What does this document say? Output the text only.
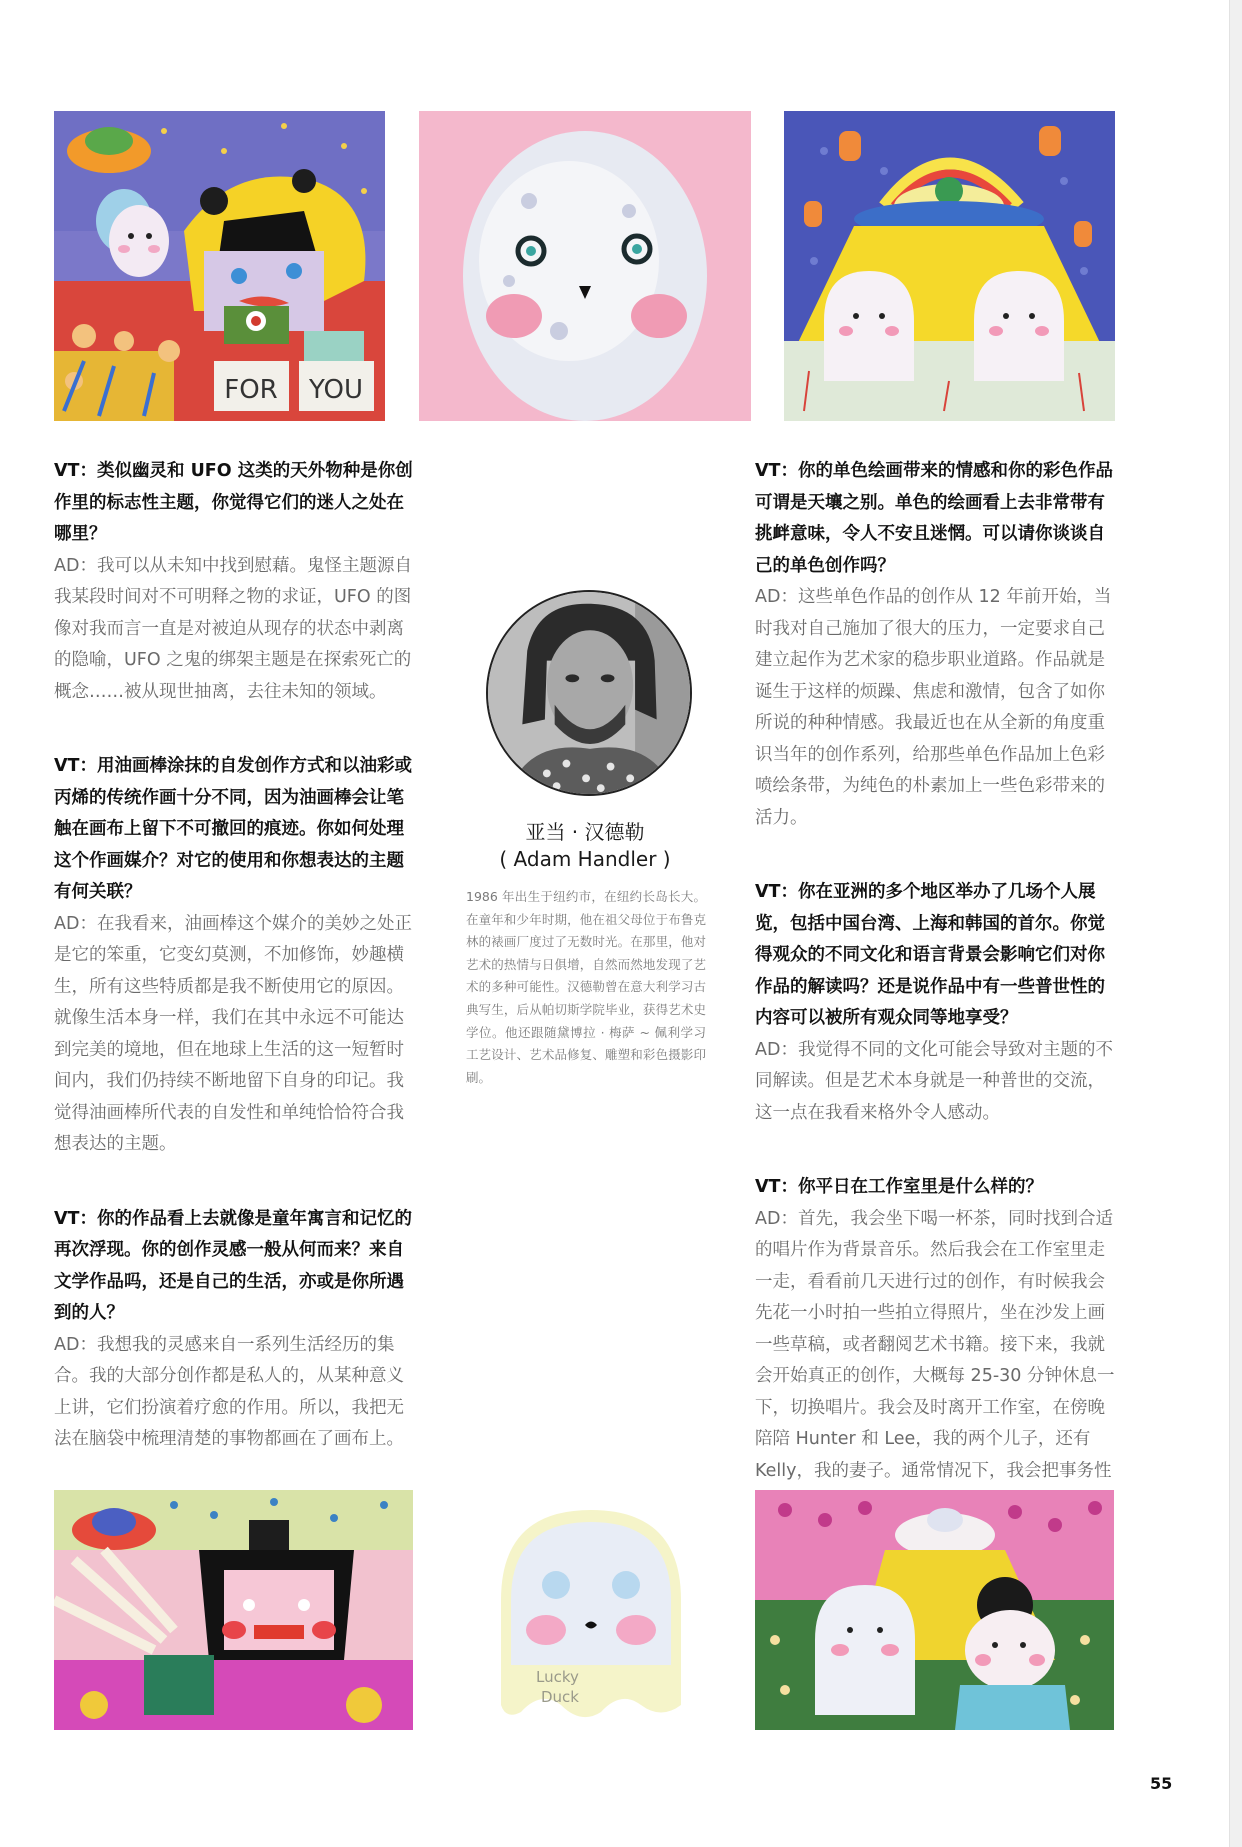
FOR YOU

VT：类似幽灵和 UFO 这类的天外物种是你创作里的标志性主题，你觉得它们的迷人之处在哪里？

AD：我可以从未知中找到慰藉。鬼怪主题源自我某段时间对不可明释之物的求证，UFO 的图像对我而言一直是对被迫从现存的状态中剥离的隐喻，UFO 之鬼的绑架主题是在探索死亡的概念……被从现世抽离，去往未知的领域。

VT：用油画棒涂抹的自发创作方式和以油彩或丙烯的传统作画十分不同，因为油画棒会让笔触在画布上留下不可撤回的痕迹。你如何处理这个作画媒介？对它的使用和你想表达的主题有何关联？

AD：在我看来，油画棒这个媒介的美妙之处正是它的笨重，它变幻莫测，不加修饰，妙趣横生，所有这些特质都是我不断使用它的原因。就像生活本身一样，我们在其中永远不可能达到完美的境地，但在地球上生活的这一短暂时间内，我们仍持续不断地留下自身的印记。我觉得油画棒所代表的自发性和单纯恰恰符合我想表达的主题。

VT：你的作品看上去就像是童年寓言和记忆的再次浮现。你的创作灵感一般从何而来？来自文学作品吗，还是自己的生活，亦或是你所遇到的人？

AD：我想我的灵感来自一系列生活经历的集合。我的大部分创作都是私人的，从某种意义上讲，它们扮演着疗愈的作用。所以，我把无法在脑袋中梳理清楚的事物都画在了画布上。

亚当 · 汉德勒
( Adam Handler )
1986 年出生于纽约市，在纽约长岛长大。在童年和少年时期，他在祖父母位于布鲁克林的裱画厂度过了无数时光。在那里，他对艺术的热情与日俱增，自然而然地发现了艺术的多种可能性。汉德勒曾在意大利学习古典写生，后从帕切斯学院毕业，获得艺术史学位。他还跟随黛博拉 · 梅萨 ~ 佩利学习工艺设计、艺术品修复、雕塑和彩色摄影印刷。

VT：你的单色绘画带来的情感和你的彩色作品可谓是天壤之别。单色的绘画看上去非常带有挑衅意味，令人不安且迷惘。可以请你谈谈自己的单色创作吗？

AD：这些单色作品的创作从 12 年前开始，当时我对自己施加了很大的压力，一定要求自己建立起作为艺术家的稳步职业道路。作品就是诞生于这样的烦躁、焦虑和激情，包含了如你所说的种种情感。我最近也在从全新的角度重识当年的创作系列，给那些单色作品加上色彩喷绘条带，为纯色的朴素加上一些色彩带来的活力。

VT：你在亚洲的多个地区举办了几场个人展览，包括中国台湾、上海和韩国的首尔。你觉得观众的不同文化和语言背景会影响它们对你作品的解读吗？还是说作品中有一些普世性的内容可以被所有观众同等地享受？

AD：我觉得不同的文化可能会导致对主题的不同解读。但是艺术本身就是一种普世的交流，这一点在我看来格外令人感动。

VT：你平日在工作室里是什么样的？

AD：首先，我会坐下喝一杯茶，同时找到合适的唱片作为背景音乐。然后我会在工作室里走一走，看看前几天进行过的创作，有时候我会先花一小时拍一些拍立得照片，坐在沙发上画一些草稿，或者翻阅艺术书籍。接下来，我就会开始真正的创作，大概每 25-30 分钟休息一下，切换唱片。我会及时离开工作室，在傍晚陪陪 Hunter 和 Lee，我的两个儿子，还有 Kelly，我的妻子。通常情况下，我会把事务性

Lucky
Duck
55
